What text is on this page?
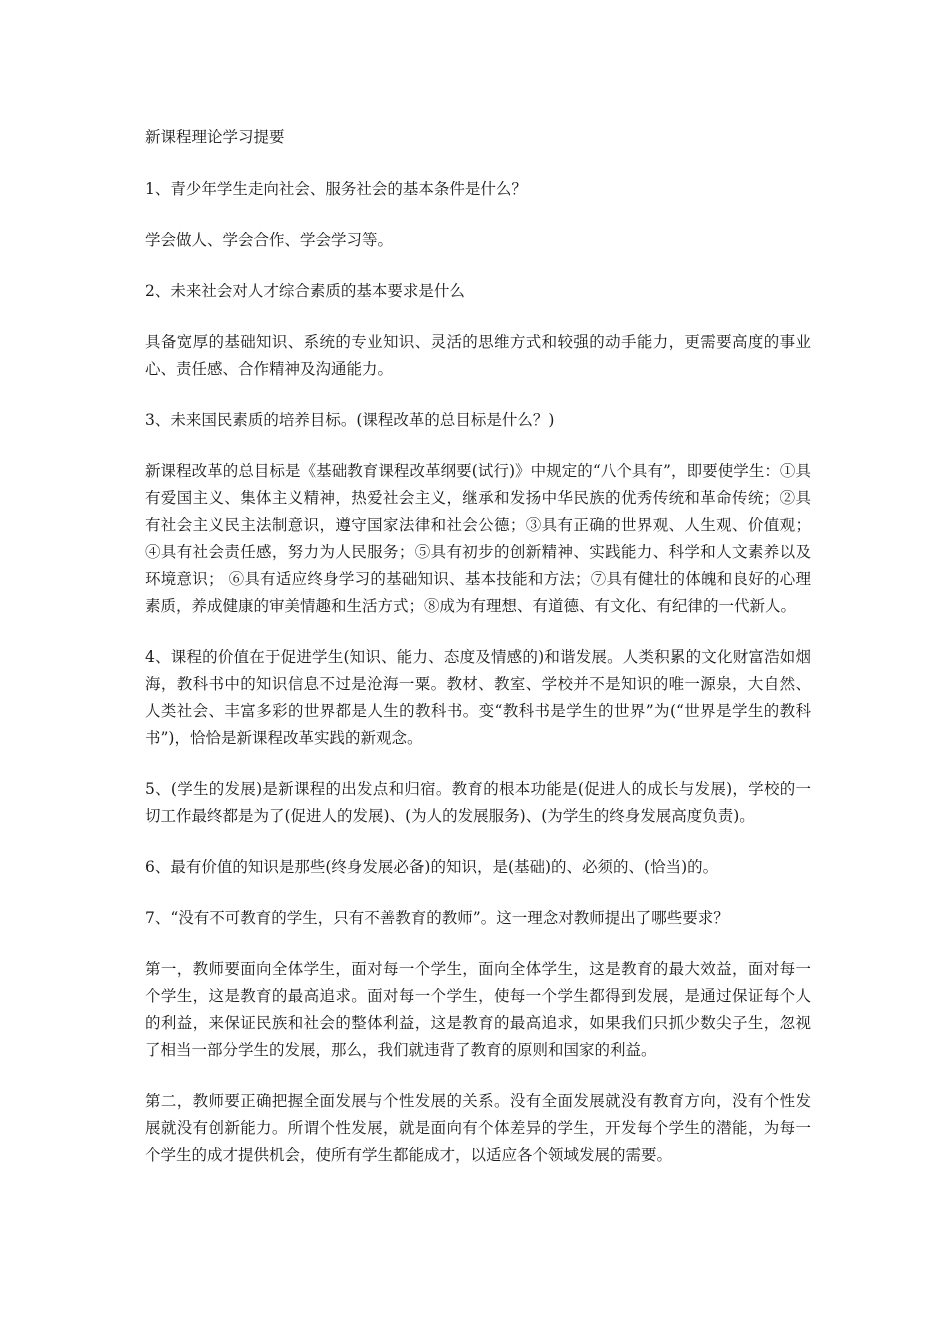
新课程理论学习提要

1、青少年学生走向社会、服务社会的基本条件是什么？

学会做人、学会合作、学会学习等。

2、未来社会对人才综合素质的基本要求是什么

具备宽厚的基础知识、系统的专业知识、灵活的思维方式和较强的动手能力，更需要高度的事业心、责任感、合作精神及沟通能力。

3、未来国民素质的培养目标。(课程改革的总目标是什么？)

新课程改革的总目标是《基础教育课程改革纲要(试行)》中规定的“八个具有”，即要使学生：①具有爱国主义、集体主义精神，热爱社会主义，继承和发扬中华民族的优秀传统和革命传统；②具有社会主义民主法制意识，遵守国家法律和社会公德；③具有正确的世界观、人生观、价值观；④具有社会责任感，努力为人民服务；⑤具有初步的创新精神、实践能力、科学和人文素养以及环境意识； ⑥具有适应终身学习的基础知识、基本技能和方法；⑦具有健壮的体魄和良好的心理素质，养成健康的审美情趣和生活方式；⑧成为有理想、有道德、有文化、有纪律的一代新人。

4、课程的价值在于促进学生(知识、能力、态度及情感的)和谐发展。人类积累的文化财富浩如烟海，教科书中的知识信息不过是沧海一粟。教材、教室、学校并不是知识的唯一源泉，大自然、人类社会、丰富多彩的世界都是人生的教科书。变“教科书是学生的世界”为(“世界是学生的教科书”)，恰恰是新课程改革实践的新观念。

5、(学生的发展)是新课程的出发点和归宿。教育的根本功能是(促进人的成长与发展)，学校的一切工作最终都是为了(促进人的发展)、(为人的发展服务)、(为学生的终身发展高度负责)。

6、最有价值的知识是那些(终身发展必备)的知识，是(基础)的、必须的、(恰当)的。

7、“没有不可教育的学生，只有不善教育的教师”。这一理念对教师提出了哪些要求？

第一，教师要面向全体学生，面对每一个学生，面向全体学生，这是教育的最大效益，面对每一个学生，这是教育的最高追求。面对每一个学生，使每一个学生都得到发展，是通过保证每个人的利益，来保证民族和社会的整体利益，这是教育的最高追求，如果我们只抓少数尖子生，忽视了相当一部分学生的发展，那么，我们就违背了教育的原则和国家的利益。

第二，教师要正确把握全面发展与个性发展的关系。没有全面发展就没有教育方向，没有个性发展就没有创新能力。所谓个性发展，就是面向有个体差异的学生，开发每个学生的潜能，为每一个学生的成才提供机会，使所有学生都能成才，以适应各个领域发展的需要。
